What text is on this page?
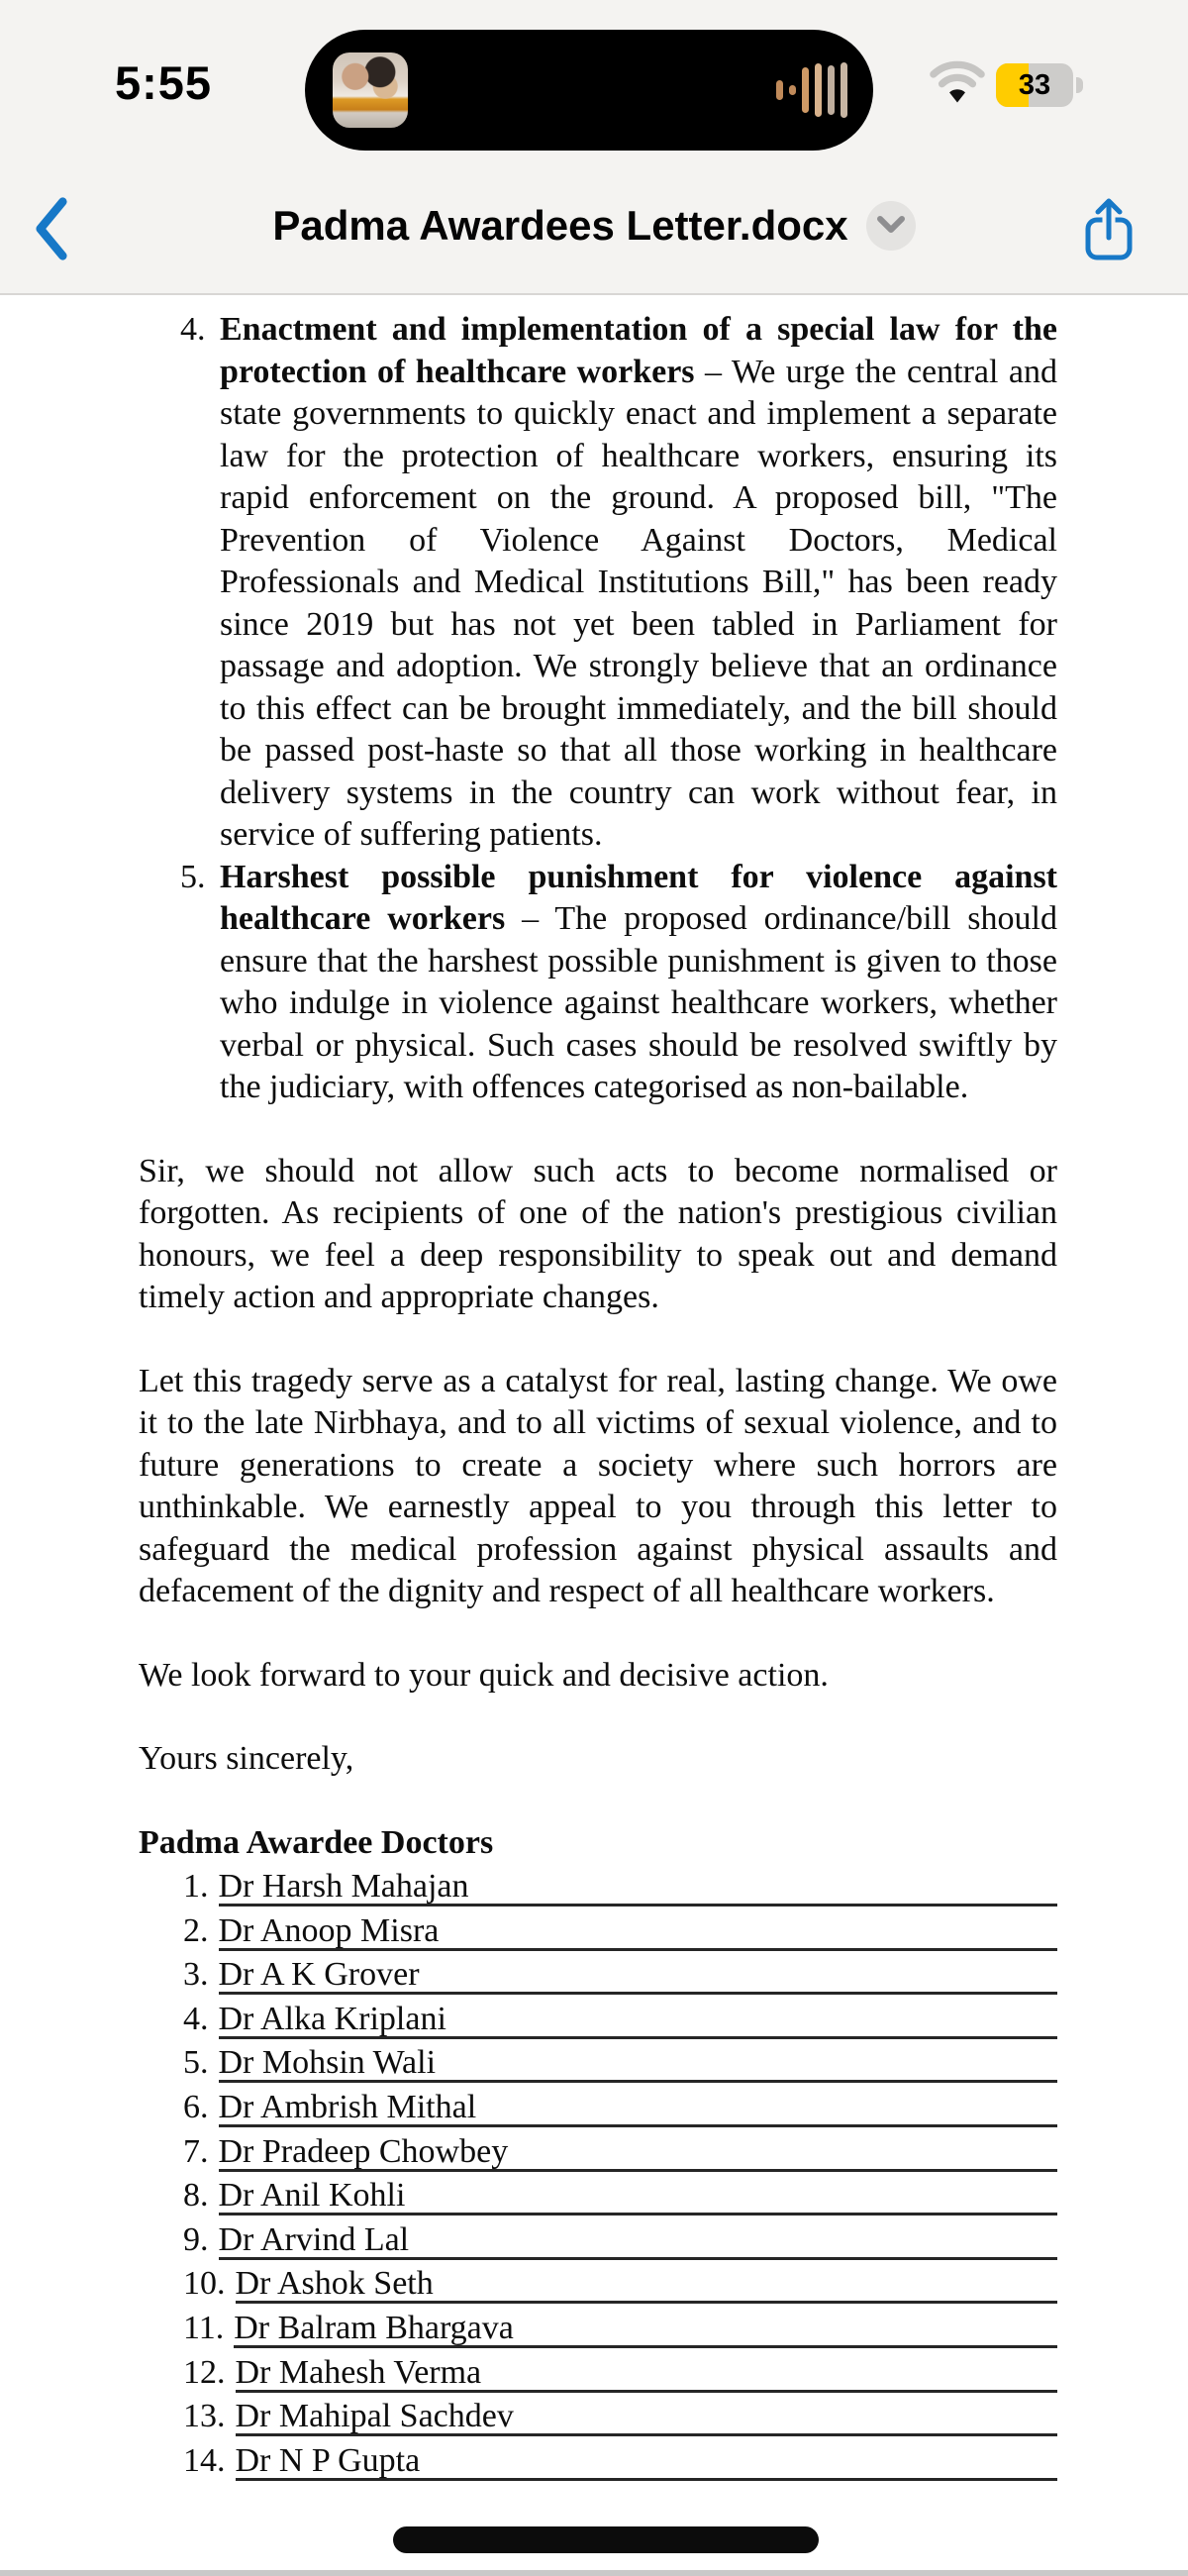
5:55	33
Padma Awardees Letter.docx
4. Enactment and implementation of a special law for the protection of healthcare workers – We urge the central and state governments to quickly enact and implement a separate law for the protection of healthcare workers, ensuring its rapid enforcement on the ground. A proposed bill, "The Prevention of Violence Against Doctors, Medical Professionals and Medical Institutions Bill," has been ready since 2019 but has not yet been tabled in Parliament for passage and adoption. We strongly believe that an ordinance to this effect can be brought immediately, and the bill should be passed post-haste so that all those working in healthcare delivery systems in the country can work without fear, in service of suffering patients.
5. Harshest possible punishment for violence against healthcare workers – The proposed ordinance/bill should ensure that the harshest possible punishment is given to those who indulge in violence against healthcare workers, whether verbal or physical. Such cases should be resolved swiftly by the judiciary, with offences categorised as non-bailable.

Sir, we should not allow such acts to become normalised or forgotten. As recipients of one of the nation's prestigious civilian honours, we feel a deep responsibility to speak out and demand timely action and appropriate changes.

Let this tragedy serve as a catalyst for real, lasting change. We owe it to the late Nirbhaya, and to all victims of sexual violence, and to future generations to create a society where such horrors are unthinkable. We earnestly appeal to you through this letter to safeguard the medical profession against physical assaults and defacement of the dignity and respect of all healthcare workers.

We look forward to your quick and decisive action.

Yours sincerely,

Padma Awardee Doctors

1. Dr Harsh Mahajan
2. Dr Anoop Misra
3. Dr A K Grover
4. Dr Alka Kriplani
5. Dr Mohsin Wali
6. Dr Ambrish Mithal
7. Dr Pradeep Chowbey
8. Dr Anil Kohli
9. Dr Arvind Lal
10. Dr Ashok Seth
11. Dr Balram Bhargava
12. Dr Mahesh Verma
13. Dr Mahipal Sachdev
14. Dr N P Gupta
